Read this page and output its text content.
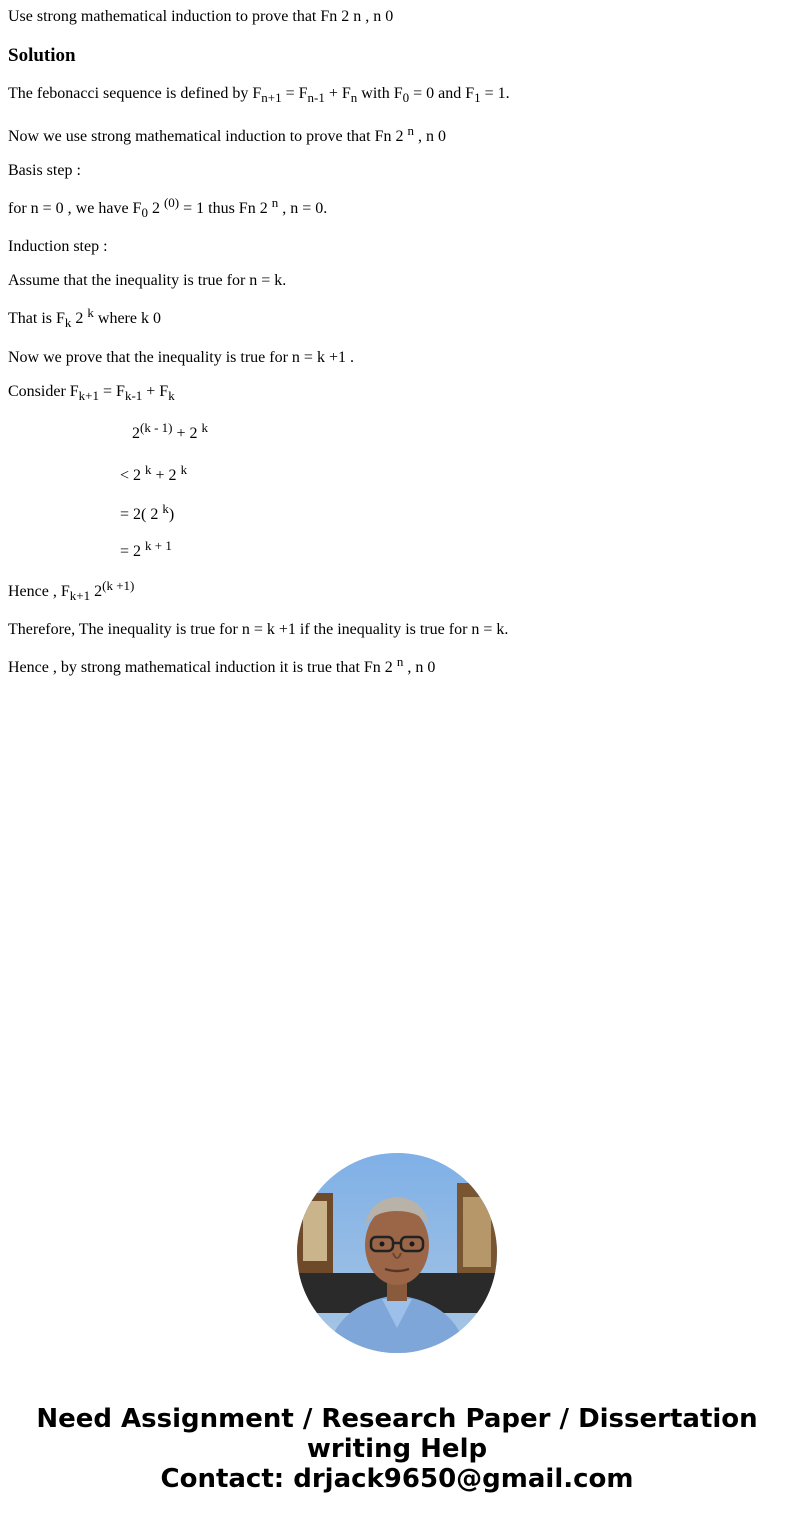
Use strong mathematical induction to prove that Fn 2 n , n 0

Solution

The febonacci sequence is defined by $F_{n+1} = F_{n-1} + F_n$ with $F_0 = 0$ and $F_1 = 1$.

Now we use strong mathematical induction to prove that Fn 2 $^n$ , n 0

Basis step :

for n = 0 , we have $F_0$ 2 $^{(0)}$ = 1 thus Fn 2 $^n$ , n = 0.

Induction step :

Assume that the inequality is true for n = k.

That is $F_k$ 2 $^k$ where k 0

Now we prove that the inequality is true for n = k +1 .

Consider $F_{k+1} = F_{k-1} + F_k$

$2^{(k - 1)} + 2$ $^k$

< 2 $^k$ + 2 $^k$

= 2( 2 $^k$)

= 2 $^{k + 1}$

Hence , $F_{k+1}$ $2^{(k +1)}$

Therefore, The inequality is true for n = k +1 if the inequality is true for n = k.

Hence , by strong mathematical induction it is true that Fn 2 $^n$ , n 0

Need Assignment / Research Paper / Dissertation
writing Help
Contact: drjack9650@gmail.com
